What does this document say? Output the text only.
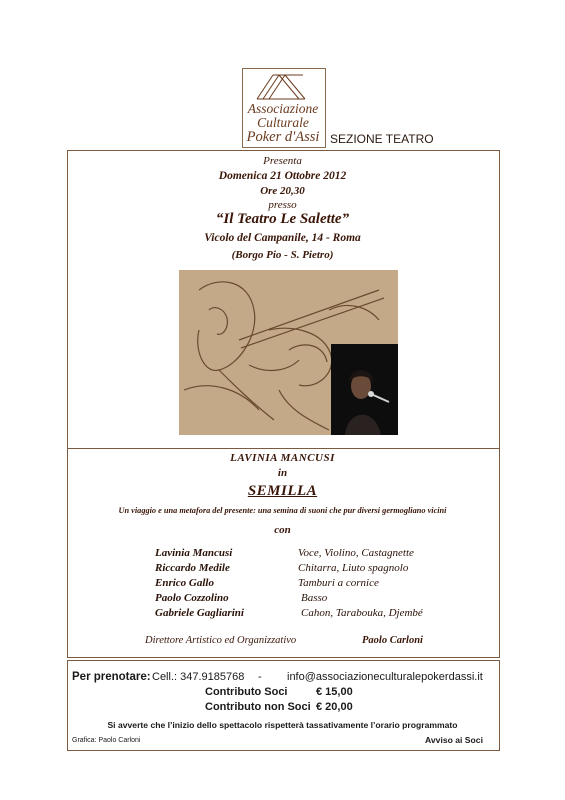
Associazione
Culturale
Poker d'Assi SEZIONE TEATRO
Presenta
Domenica 21 Ottobre 2012
Ore 20,30
presso
“Il Teatro Le Salette”
Vicolo del Campanile, 14 - Roma
(Borgo Pio - S. Pietro)
LAVINIA MANCUSI
in
SEMILLA
Un viaggio e una metafora del presente: una semina di suoni che pur diversi germogliano vicini
con
Lavinia Mancusi	Voce, Violino, Castagnette
Riccardo Medile	Chitarra, Liuto spagnolo
Enrico Gallo	Tamburi a cornice
Paolo Cozzolino	Basso
Gabriele Gagliarini	Cahon, Tarabouka, Djembé
Direttore Artistico ed Organizzativo	Paolo Carloni
Per prenotare: Cell.: 347.9185768 - info@associazioneculturalepokerdassi.it
Contributo Soci	€ 15,00
Contributo non Soci € 20,00
Si avverte che l’inizio dello spettacolo rispetterà tassativamente l’orario programmato
Grafica: Paolo Carloni	Avviso ai Soci
